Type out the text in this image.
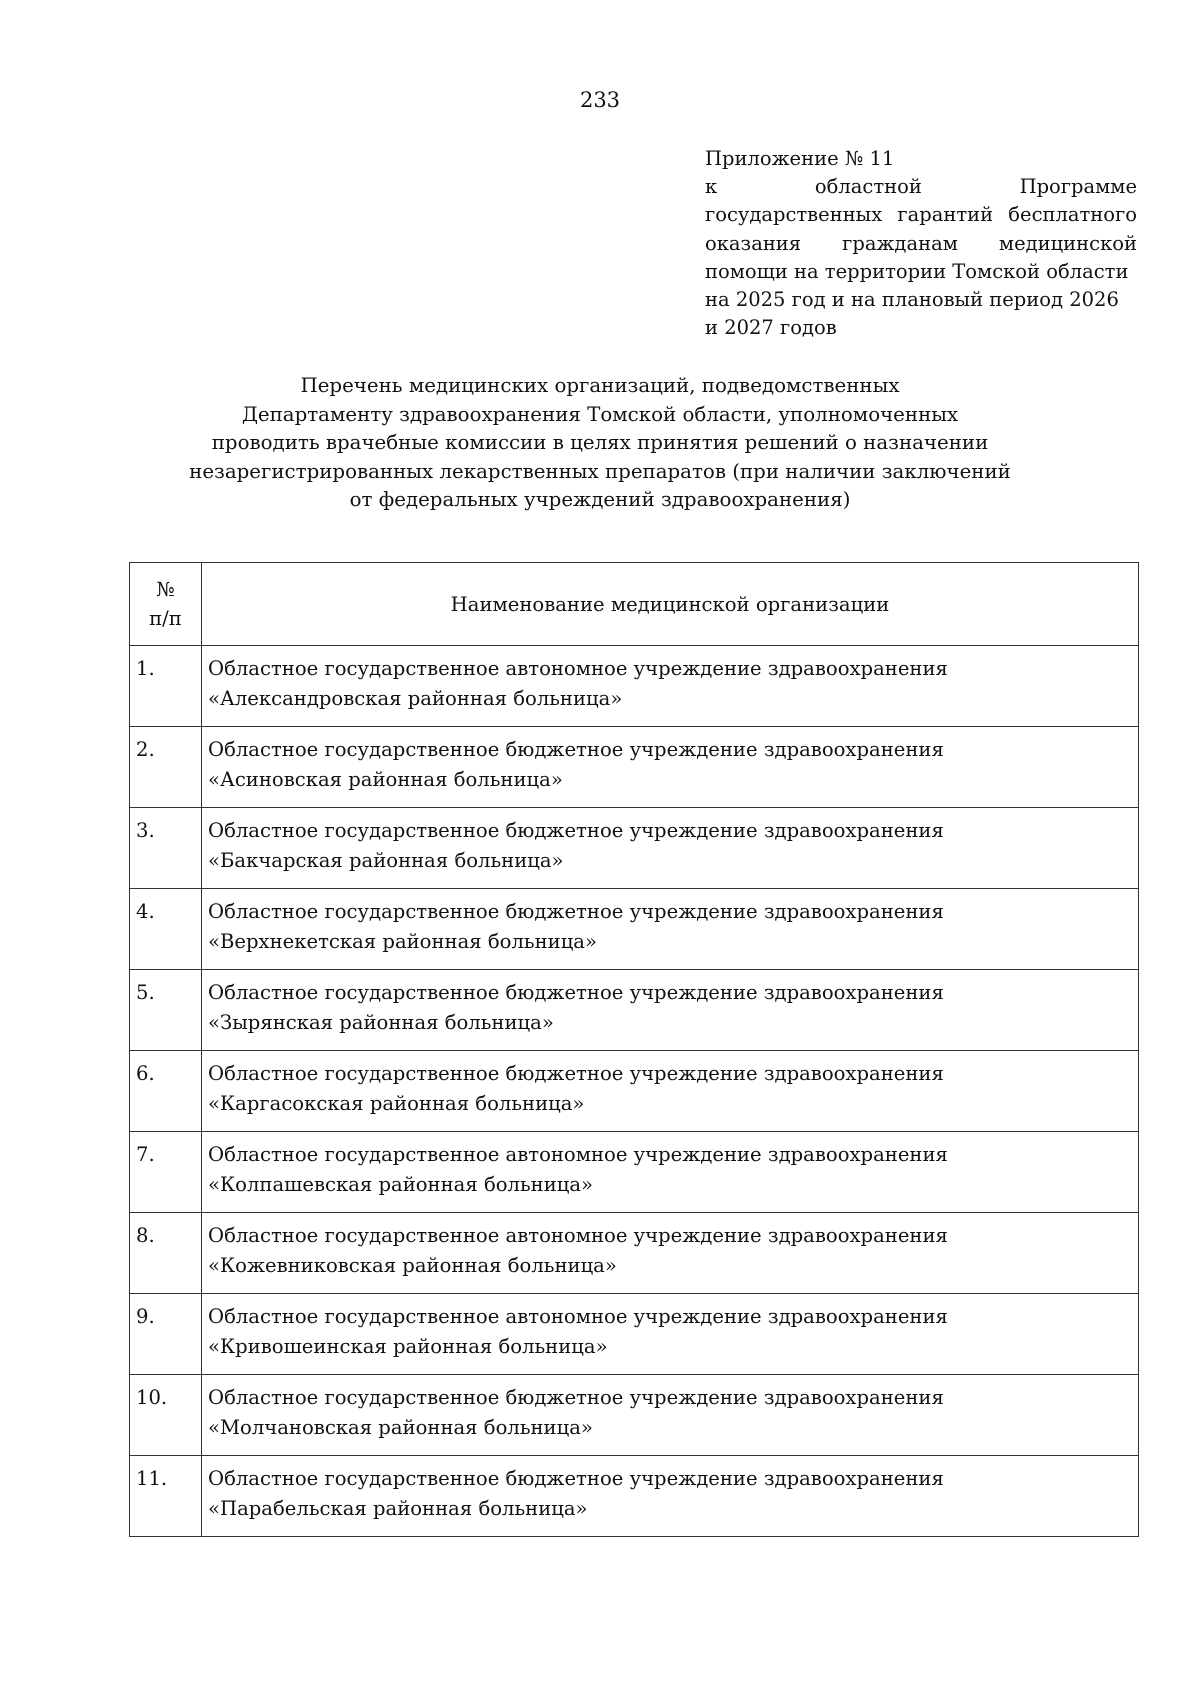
233
Приложение № 11
к	областной	Программе
государственных гарантий бесплатного
оказания гражданам медицинской
помощи на территории Томской области
на 2025 год и на плановый период 2026
и 2027 годов
Перечень медицинских организаций, подведомственных
Департаменту здравоохранения Томской области, уполномоченных
проводить врачебные комиссии в целях принятия решений о назначении
незарегистрированных лекарственных препаратов (при наличии заключений
от федеральных учреждений здравоохранения)
№
п/п	Наименование медицинской организации
1.	Областное государственное автономное учреждение здравоохранения
«Александровская районная больница»

2.	Областное государственное бюджетное учреждение здравоохранения
«Асиновская районная больница»

3.	Областное государственное бюджетное учреждение здравоохранения
«Бакчарская районная больница»

4.	Областное государственное бюджетное учреждение здравоохранения
«Верхнекетская районная больница»

5.	Областное государственное бюджетное учреждение здравоохранения
«Зырянская районная больница»

6.	Областное государственное бюджетное учреждение здравоохранения
«Каргасокская районная больница»

7.	Областное государственное автономное учреждение здравоохранения
«Колпашевская районная больница»

8.	Областное государственное автономное учреждение здравоохранения
«Кожевниковская районная больница»

9.	Областное государственное автономное учреждение здравоохранения
«Кривошеинская районная больница»

10.	Областное государственное бюджетное учреждение здравоохранения
«Молчановская районная больница»

11.	Областное государственное бюджетное учреждение здравоохранения
«Парабельская районная больница»
